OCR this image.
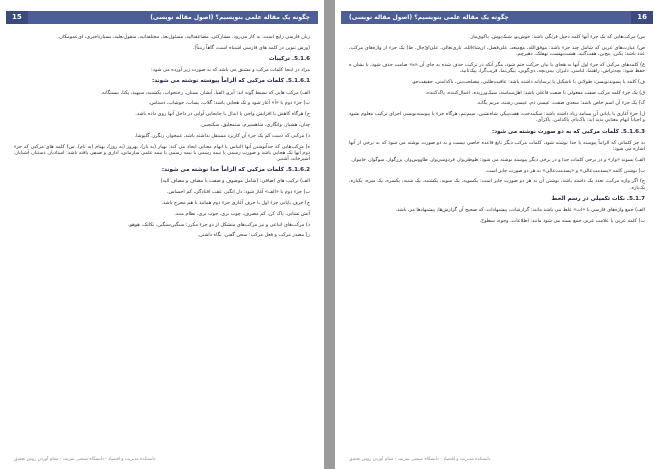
15	چگونه یک مقاله علمی بنویسیم؟ (اصول مقاله نویسی)

زبان فارسی رایج است، به کار می‌رود. مشارکتی، مضاعفتالیه، مسئول‌بعد، مختلفتانیه، منقول‌بعلیه، بسیارتاخیری، ای‌عمومکان.

(ورش تنوین در کلمه های فارسی اشتباه است، گاهاً رتبتاً).

5.1.6. ترکیبات

مراد در اینجا کلمات مرکب و مشتق می باشد که به صورت زیر آورده می شود:

5.1.6.1. کلمات مرکبی که الزاماً پیوسته نوشته می شوند:

الف) مرکب هایی که بسیط گونه اند: آبرو، الفبا، آبشار، بستان، رختخواب، یکشنبه، سپهبد، یکتا، بیستگانه.

ب) جزء دوم با «آ» آغاز شود و تک هجایی باشد: گلاب، پساب، خوشاب، دستاس.

ج) هرگاه کاهش یا افزایش واجی یا ابدال یا جابجایی آوایی در داخل آنها روی داده باشد.

چنان، هشیار، وانگاری، شاهسپرم، ستمعلیق، سکنجبین.

د) مرکبی که دست کم یک جزء آن کاربرد مستقل نداشته باشد، غمخوار، رنگرز، گلپوشا.

ه) مرکب‌هایی که جداًنوشتن آنها التباس یا ابهام معنایی ایجاد می کند: بهیار (به یار)، بهروز (به روز)، بهنام (به نام). س) کلمه های مرکبی که جزء دوم آنها تک هجایی باشد و صورت رسمی یا نیمه رسمی یا نیمه رسمی یا نیمه علمی سازمانی، اداری و صنفی یافته باشد: استادیار، دستیار، آشنابار، آشپزخانه، آشنبر.

5.1.6.2. کلمات مرکبی که الزاماً جدا نوشته می شوند:

الف) ترکیب های اضافی: (شامل موصوف و صفت یا مضاف و مضاف الیه)

ب) جزء دوم با «الف» آغاز شود: دل انگیز، عقب افتادگی، کم احساس.

ج) حرف پایانی جزء اول با حرف آغازی جزء دوم همانند یا هم مخرج باشد.

آتش نشانی، پاک کن، کم مصرف، چوب بری، جوب بری، نظام منند.

د) مرکب‌های اتباعی و نیز مرکب‌های متشکل از دو جزء مکرر: سنگین‌سنگین، تکاتک، هوهو.

ر) مصدر مرکب و فعل مرکب: سخن گفتن، نگاه داشتن.

دانشکده مدیریت و اقتصاد - دانشگاه صنعتی شریف - مقام آوردن روش تحقیق
16
چگونه یک مقاله علمی بنویسیم؟ (اصول مقاله نویسی)

س) مرکب‌هایی که یک جزء آنها کلمه دخیل فرنگی باشد: خوش‌بو، شیک‌پوش، پاکوی‌ماز.

ص) عبارت‌های عربی که شامل چند جزء باشد: موفق‌الله، مع‌مبعد، علی‌فضل، ان‌شاءالله، باری‌تعالی، علی‌ایّ‌حال. ط) یک جزء از واژه‌های مرکب، عدد باشد: یکتن، پنج‌تن، هفت‌گنبد، هشت‌بهشت، نهفلک، دهپرچم.

ع) کلمه‌های مرکبی که جزء اول آنها به هجای با بیان حرکت ختم شود، مگر آنکه در ترکیب حذف شده به جای آن «ه» صامت حذف شود، یا نشان ه حفظ شود: بچه‌تراش، راهنما، لباسی، دلیزار، بینی‌بچه، دی‌گویی، بیگی‌نما، قریب‌گرا، پیک‌ثانیه.

ف) کلمه با پسوندنویسی، طولانی یا ناشکیل یا ترسایانه داشته باشد: عافیت‌طلبی، مصلحت‌بین، پاکدامنی، حقیقت‌جو.

ق) یک جزء کلمه مرکب صفت مفعولی یا صفت فاعلی باشد: اهل‌سیاسه، سبک‌ورزیده، اعمال‌کننده، پاک‌کننده.

ک) یک جزء آن اسم خاص باشد: سعدی صفت، عیسی دم، عیسی رشته، مریم یگانه.

ل) جزء آغازی یا پایانی آن بسامد زیاد داشته باشد: سکینه‌خت، هفت‌پیکر، شاه‌نشین، سیم‌تنم، هرگاه جزء یا پیوسته‌نویسی اجزای ترکیب معلوم نشود و احیاناً ابهام معنایی پدید آید: پاک‌نام، پاکدامن، پاکرأی.

5.1.6.3. کلمات مرکبی که به دو صورت نوشته می شود:

به جز کلماتی که الزاماً پیوسته یا جدا نوشته شود، کلمات مرکب دیگر تابع قاعده خاصی نیست و به دو صورت نوشته می شود که به برخی از آنها اشاره می شود:

الف) پسوند «وار» و در برخی کلمات جدا و در برخی دیگر پیوسته نوشته می شود: طوطی‌وار، فردوسی‌وار، طاووس‌وار، بزرگوار، سوگوار، خاموار.

ب) نوشتن کلمه «پسدمت‌عالی» و «پسدمت‌عالی» به هر دو صورت جایز است.

ج) اگر واژه مرکب، تعدد یک داشته باشد، نوشتن آن به هر دو صورت جایز است: یکسویه، یک سویه، یکشنبه، یک شنبه، یکسره، یک سره، یکباره، یک‌باره.

5.1.7. نکات تکمیلی در رسم الخط

الف) جمع واژه‌های فارسی با «ات» غلط می باشد مانند: گزارشات، پیشنهادات، که صحیح آن گزارش‌ها، پیشنهادها می باشد.

ب) کلمه عربی یا علامت عربی جمع بسته می شود مانند: اطلاعات، وجوه، سطوح.

دانشکده مدیریت و اقتصاد - دانشگاه صنعتی شریف - مقام آوردن روش تحقیق
